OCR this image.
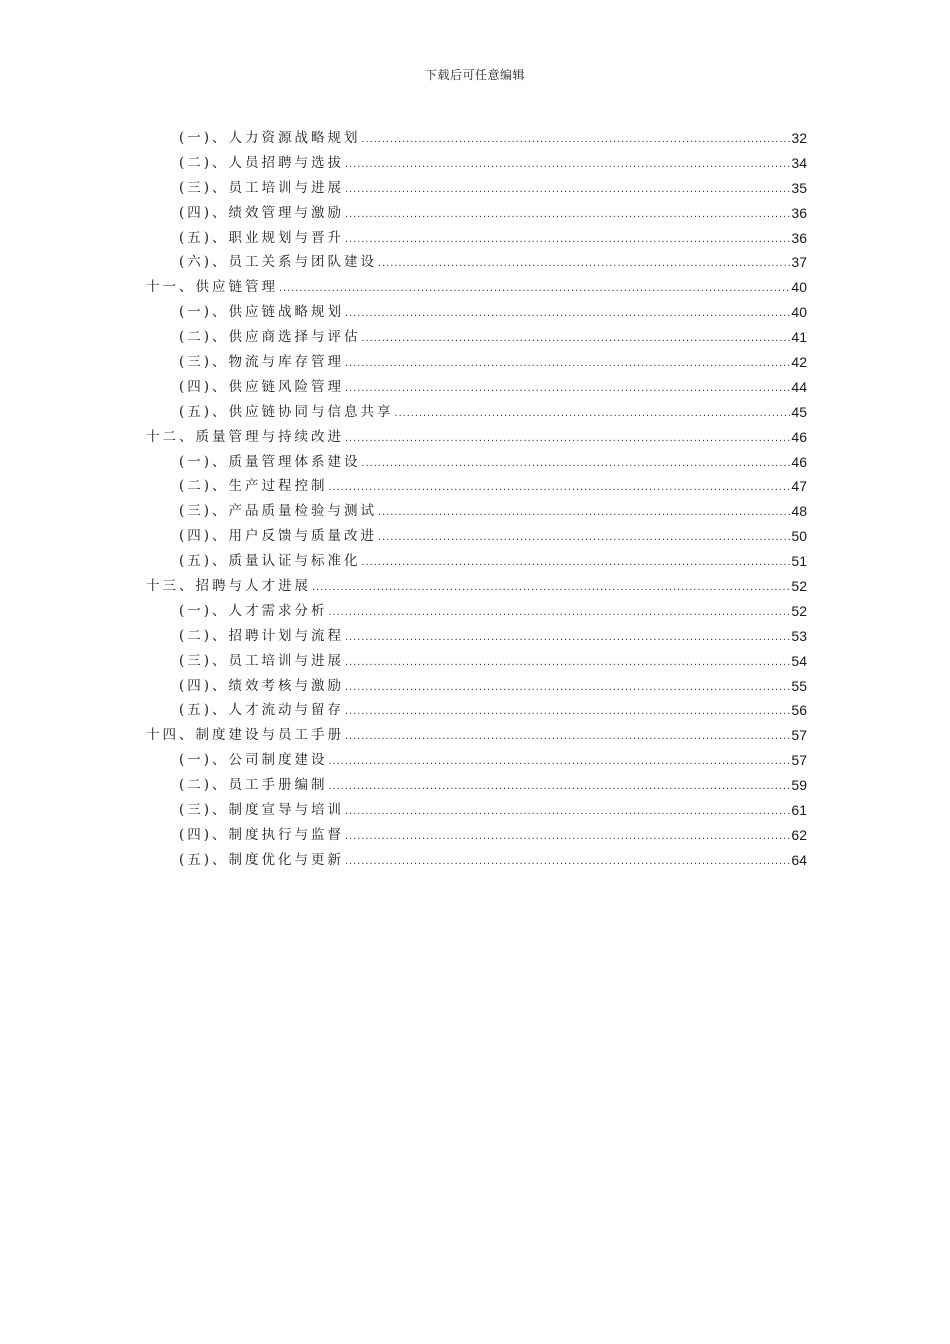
下载后可任意编辑
(一)、人力资源战略规划 .....	32
(二)、人员招聘与选拔 .....	34
(三)、员工培训与进展 .....	35
(四)、绩效管理与激励 .....	36
(五)、职业规划与晋升 .....	36
(六)、员工关系与团队建设 .....	37
十一、供应链管理 .....	40
(一)、供应链战略规划 .....	40
(二)、供应商选择与评估 .....	41
(三)、物流与库存管理 .....	42
(四)、供应链风险管理 .....	44
(五)、供应链协同与信息共享 .....	45
十二、质量管理与持续改进 .....	46
(一)、质量管理体系建设 .....	46
(二)、生产过程控制 .....	47
(三)、产品质量检验与测试 .....	48
(四)、用户反馈与质量改进 .....	50
(五)、质量认证与标准化 .....	51
十三、招聘与人才进展 .....	52
(一)、人才需求分析 .....	52
(二)、招聘计划与流程 .....	53
(三)、员工培训与进展 .....	54
(四)、绩效考核与激励 .....	55
(五)、人才流动与留存 .....	56
十四、制度建设与员工手册 .....	57
(一)、公司制度建设 .....	57
(二)、员工手册编制 .....	59
(三)、制度宣导与培训 .....	61
(四)、制度执行与监督 .....	62
(五)、制度优化与更新 .....	64
